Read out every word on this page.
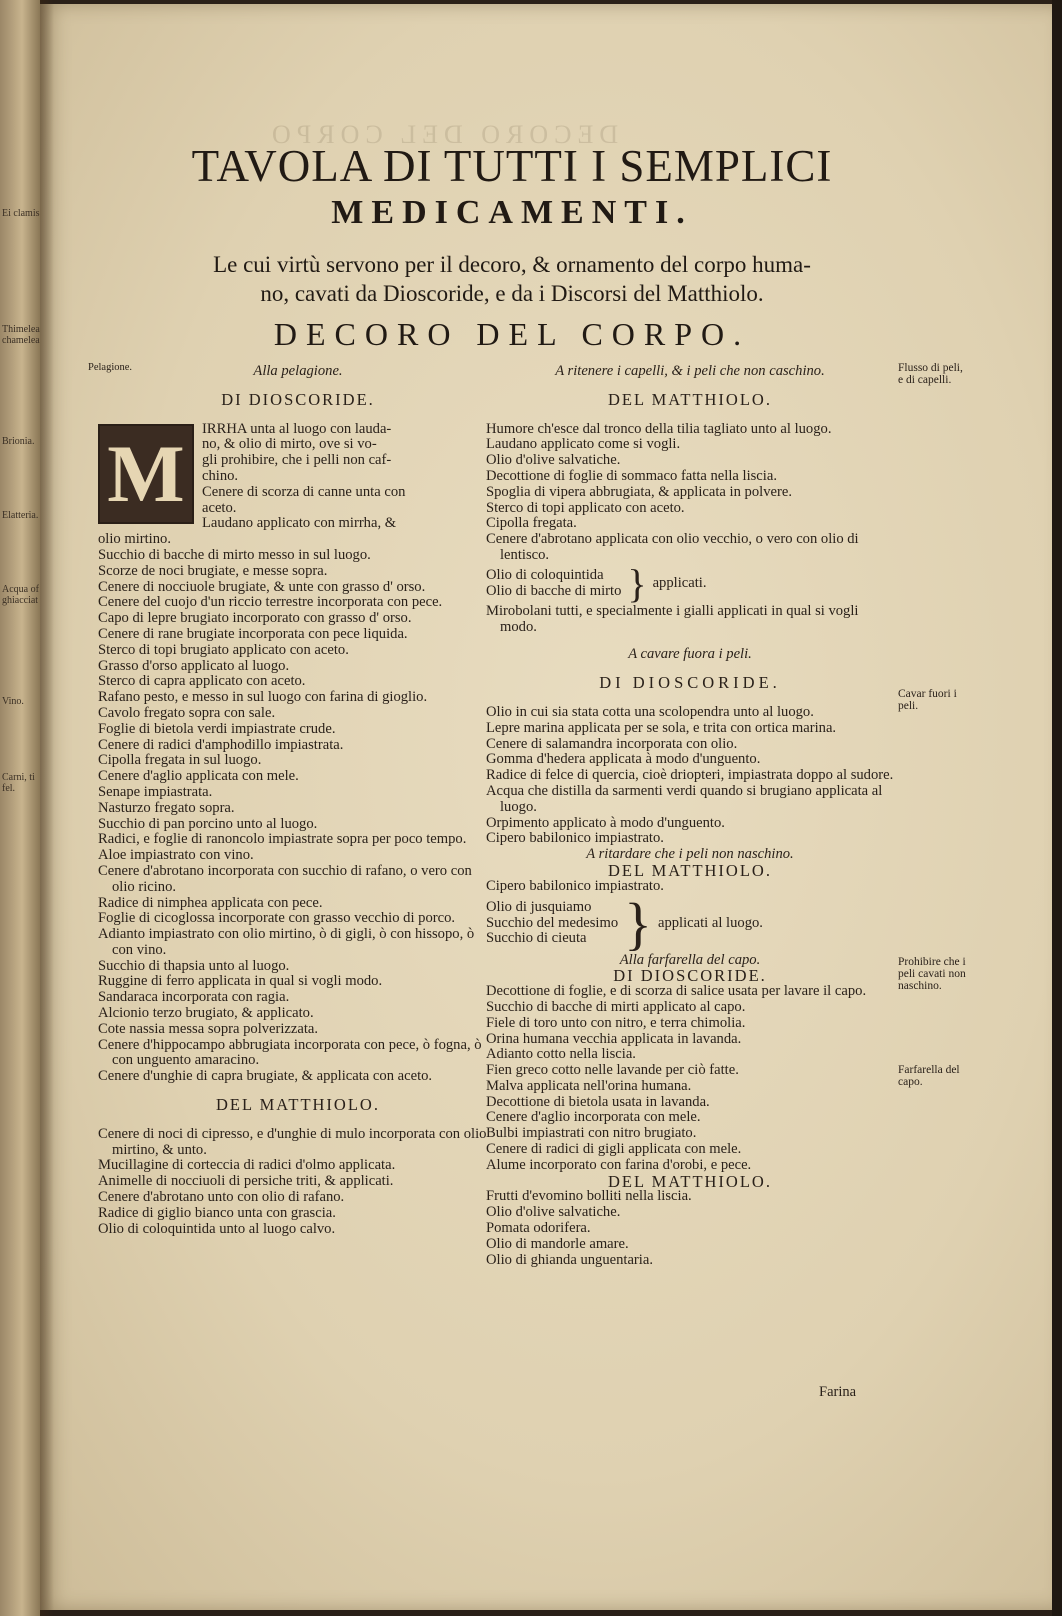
Ei clamis
Thimelea chamelea
Brionia.
Elatteria.
Acqua of ghiacciat
Vino.
Carni, ti fel.
DECORO DEL CORPO
TAVOLA DI TUTTI I SEMPLICI
MEDICAMENTI.
Le cui virtù servono per il decoro, & ornamento del corpo huma-
no, cavati da Dioscoride, e da i Discorsi del Matthiolo.
DECORO DEL CORPO.
Pelagione.	Alla pelagione.

DI DIOSCORIDE.

M	IRRHA unta al luogo con lauda-

no, & olio di mirto, ove si vo-

gli prohibire, che i pelli non caf-

chino.

Cenere di scorza di canne unta con

aceto.

Laudano applicato con mirrha, &

olio mirtino.

Succhio di bacche di mirto messo in sul luogo.

Scorze de noci brugiate, e messe sopra.

Cenere di nocciuole brugiate, & unte con grasso d' orso.

Cenere del cuojo d'un riccio terrestre incorporata con pece.

Capo di lepre brugiato incorporato con grasso d' orso.

Cenere di rane brugiate incorporata con pece liquida.

Sterco di topi brugiato applicato con aceto.

Grasso d'orso applicato al luogo.

Sterco di capra applicato con aceto.

Rafano pesto, e messo in sul luogo con farina di gioglio.

Cavolo fregato sopra con sale.

Foglie di bietola verdi impiastrate crude.

Cenere di radici d'amphodillo impiastrata.

Cipolla fregata in sul luogo.

Cenere d'aglio applicata con mele.

Senape impiastrata.

Nasturzo fregato sopra.

Succhio di pan porcino unto al luogo.

Radici, e foglie di ranoncolo impiastrate sopra per poco tempo.

Aloe impiastrato con vino.

Cenere d'abrotano incorporata con succhio di rafano, o vero con olio ricino.

Radice di nimphea applicata con pece.

Foglie di cicoglossa incorporate con grasso vecchio di porco.

Adianto impiastrato con olio mirtino, ò di gigli, ò con hissopo, ò con vino.

Succhio di thapsia unto al luogo.

Ruggine di ferro applicata in qual si vogli modo.

Sandaraca incorporata con ragia.

Alcionio terzo brugiato, & applicato.

Cote nassia messa sopra polverizzata.

Cenere d'hippocampo abbrugiata incorporata con pece, ò fogna, ò con unguento amaracino.

Cenere d'unghie di capra brugiate, & applicata con aceto.

DEL MATTHIOLO.

Cenere di noci di cipresso, e d'unghie di mulo incorporata con olio mirtino, & unto.

Mucillagine di corteccia di radici d'olmo applicata.

Animelle di nocciuoli di persiche triti, & applicati.

Cenere d'abrotano unto con olio di rafano.

Radice di giglio bianco unta con grascia.

Olio di coloquintida unto al luogo calvo.

A ritenere i capelli, & i peli che non caschino.

DEL MATTHIOLO.

Humore ch'esce dal tronco della tilia tagliato unto al luogo.

Laudano applicato come si vogli.

Olio d'olive salvatiche.

Decottione di foglie di sommaco fatta nella liscia.

Spoglia di vipera abbrugiata, & applicata in polvere.

Sterco di topi applicato con aceto.

Cipolla fregata.

Cenere d'abrotano applicata con olio vecchio, o vero con olio di lentisco.

Olio di coloquintida

Olio di bacche di mirto } applicati.

Mirobolani tutti, e specialmente i gialli applicati in qual si vogli modo.

A cavare fuora i peli.

DI DIOSCORIDE.

Olio in cui sia stata cotta una scolopendra unto al luogo.

Lepre marina applicata per se sola, e trita con ortica marina.

Cenere di salamandra incorporata con olio.

Gomma d'hedera applicata à modo d'unguento.

Radice di felce di quercia, cioè driopteri, impiastrata doppo al sudore.

Acqua che distilla da sarmenti verdi quando si brugiano applicata al luogo.

Orpimento applicato à modo d'unguento.

Cipero babilonico impiastrato.

A ritardare che i peli non naschino.

DEL MATTHIOLO.

Cipero babilonico impiastrato.

Olio di jusquiamo

Succhio del medesimo

Succhio di cieuta } applicati al luogo.

Alla farfarella del capo.

DI DIOSCORIDE.

Decottione di foglie, e di scorza di salice usata per lavare il capo.

Succhio di bacche di mirti applicato al capo.

Fiele di toro unto con nitro, e terra chimolia.

Orina humana vecchia applicata in lavanda.

Adianto cotto nella liscia.

Fien greco cotto nelle lavande per ciò fatte.

Malva applicata nell'orina humana.

Decottione di bietola usata in lavanda.

Cenere d'aglio incorporata con mele.

Bulbi impiastrati con nitro brugiato.

Cenere di radici di gigli applicata con mele.

Alume incorporato con farina d'orobi, e pece.

DEL MATTHIOLO.

Frutti d'evomino bolliti nella liscia.

Olio d'olive salvatiche.

Pomata odorifera.

Olio di mandorle amare.

Olio di ghianda unguentaria.

Flusso di peli, e di capelli.
Cavar fuori i peli.
Prohibire che i peli cavati non naschino.
Farfarella del capo.
Farina
